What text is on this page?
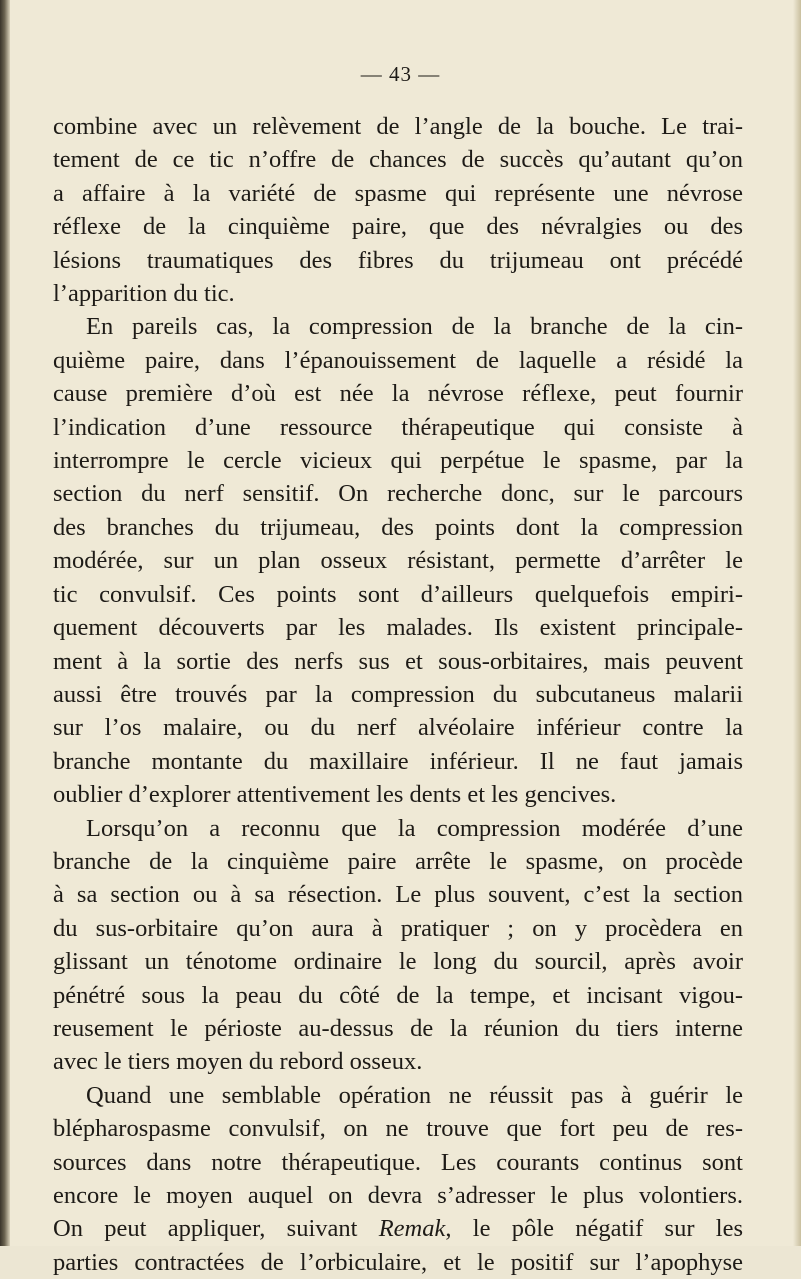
— 43 —
combine avec un relèvement de l’angle de la bouche. Le trai-
tement de ce tic n’offre de chances de succès qu’autant qu’on
a affaire à la variété de spasme qui représente une névrose
réflexe de la cinquième paire, que des névralgies ou des
lésions traumatiques des fibres du trijumeau ont précédé
l’apparition du tic.
En pareils cas, la compression de la branche de la cin-
quième paire, dans l’épanouissement de laquelle a résidé la
cause première d’où est née la névrose réflexe, peut fournir
l’indication d’une ressource thérapeutique qui consiste à
interrompre le cercle vicieux qui perpétue le spasme, par la
section du nerf sensitif. On recherche donc, sur le parcours
des branches du trijumeau, des points dont la compression
modérée, sur un plan osseux résistant, permette d’arrêter le
tic convulsif. Ces points sont d’ailleurs quelquefois empiri-
quement découverts par les malades. Ils existent principale-
ment à la sortie des nerfs sus et sous-orbitaires, mais peuvent
aussi être trouvés par la compression du subcutaneus malarii
sur l’os malaire, ou du nerf alvéolaire inférieur contre la
branche montante du maxillaire inférieur. Il ne faut jamais
oublier d’explorer attentivement les dents et les gencives.
Lorsqu’on a reconnu que la compression modérée d’une
branche de la cinquième paire arrête le spasme, on procède
à sa section ou à sa résection. Le plus souvent, c’est la section
du sus-orbitaire qu’on aura à pratiquer ; on y procèdera en
glissant un ténotome ordinaire le long du sourcil, après avoir
pénétré sous la peau du côté de la tempe, et incisant vigou-
reusement le périoste au-dessus de la réunion du tiers interne
avec le tiers moyen du rebord osseux.
Quand une semblable opération ne réussit pas à guérir le
blépharospasme convulsif, on ne trouve que fort peu de res-
sources dans notre thérapeutique. Les courants continus sont
encore le moyen auquel on devra s’adresser le plus volontiers.
On peut appliquer, suivant Remak, le pôle négatif sur les
parties contractées de l’orbiculaire, et le positif sur l’apophyse
